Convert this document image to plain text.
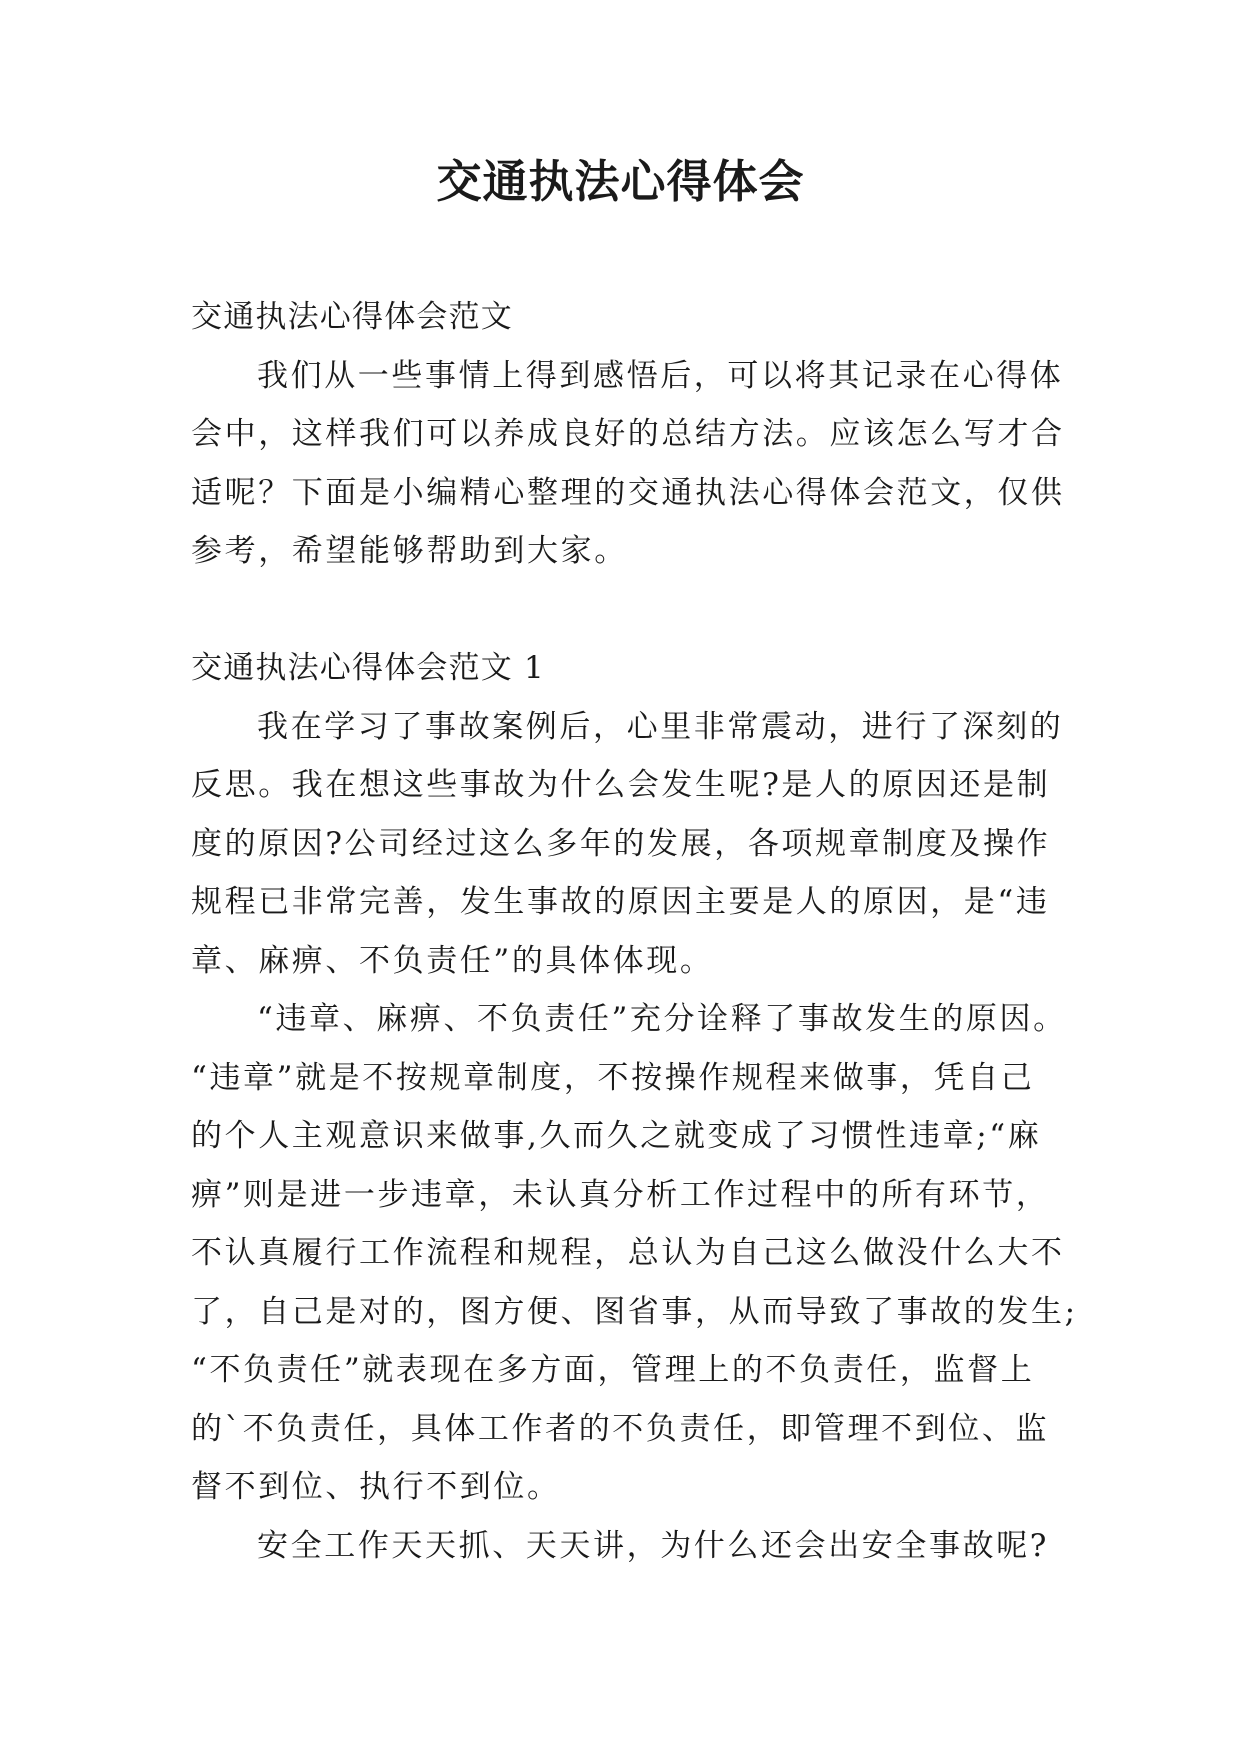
交通执法心得体会
交通执法心得体会范文
我们从一些事情上得到感悟后，可以将其记录在心得体
会中，这样我们可以养成良好的总结方法。应该怎么写才合
适呢？下面是小编精心整理的交通执法心得体会范文，仅供
参考，希望能够帮助到大家。
交通执法心得体会范文 1
我在学习了事故案例后，心里非常震动，进行了深刻的
反思。我在想这些事故为什么会发生呢?是人的原因还是制
度的原因?公司经过这么多年的发展，各项规章制度及操作
规程已非常完善，发生事故的原因主要是人的原因，是“违
章、麻痹、不负责任”的具体体现。
“违章、麻痹、不负责任”充分诠释了事故发生的原因。
“违章”就是不按规章制度，不按操作规程来做事，凭自己
的个人主观意识来做事,久而久之就变成了习惯性违章;“麻
痹”则是进一步违章，未认真分析工作过程中的所有环节，
不认真履行工作流程和规程，总认为自己这么做没什么大不
了，自己是对的，图方便、图省事，从而导致了事故的发生;
“不负责任”就表现在多方面，管理上的不负责任，监督上
的`不负责任，具体工作者的不负责任，即管理不到位、监
督不到位、执行不到位。
安全工作天天抓、天天讲，为什么还会出安全事故呢?
